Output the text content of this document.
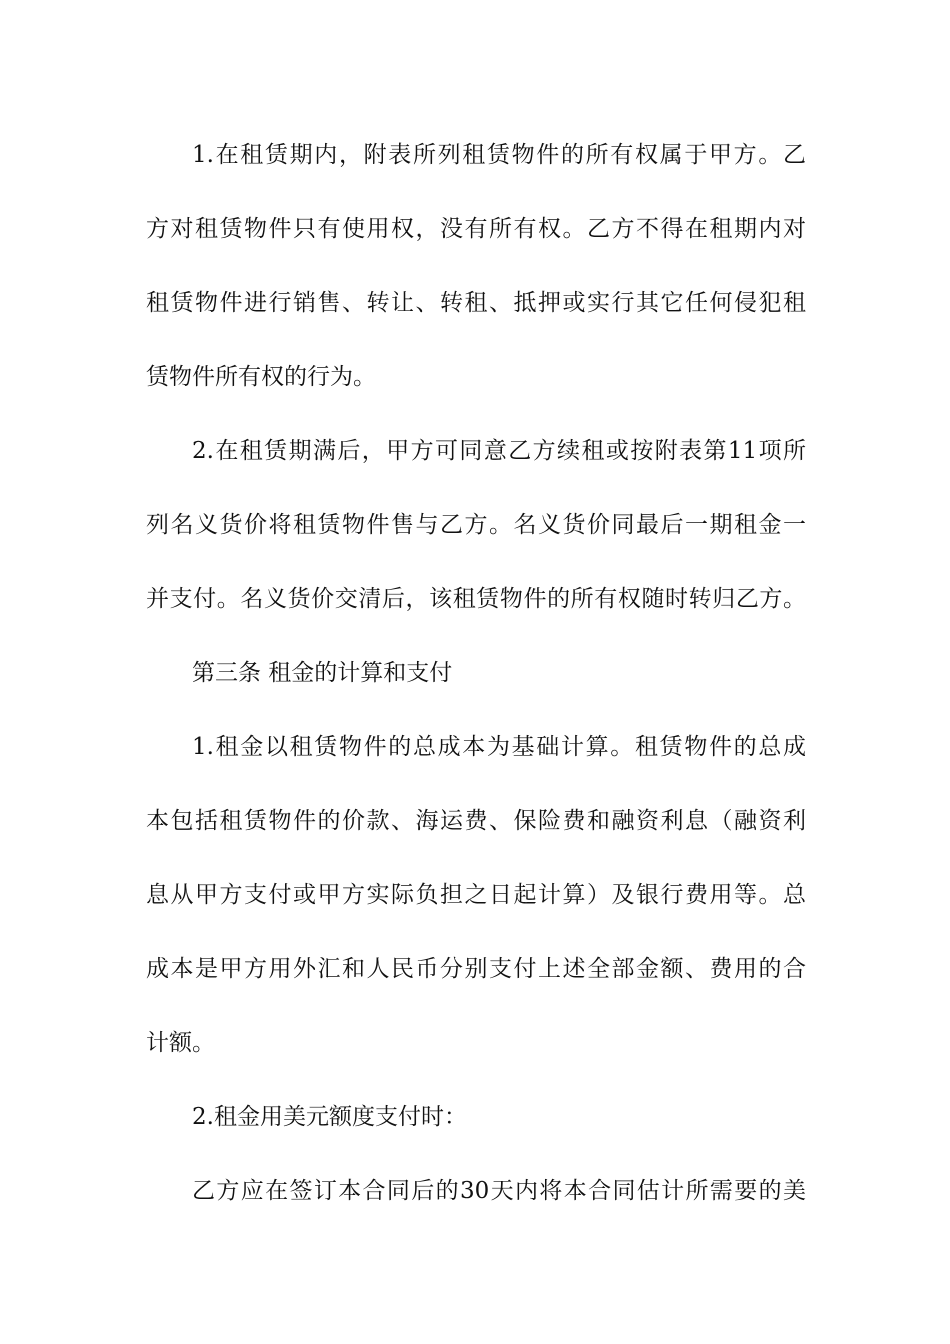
1.在租赁期内，附表所列租赁物件的所有权属于甲方。乙
方对租赁物件只有使用权，没有所有权。乙方不得在租期内对
租赁物件进行销售、转让、转租、抵押或实行其它任何侵犯租
赁物件所有权的行为。
2.在租赁期满后，甲方可同意乙方续租或按附表第11项所
列名义货价将租赁物件售与乙方。名义货价同最后一期租金一
并支付。名义货价交清后，该租赁物件的所有权随时转归乙方。
第三条 租金的计算和支付
1.租金以租赁物件的总成本为基础计算。租赁物件的总成
本包括租赁物件的价款、海运费、保险费和融资利息（融资利
息从甲方支付或甲方实际负担之日起计算）及银行费用等。总
成本是甲方用外汇和人民币分别支付上述全部金额、费用的合
计额。
2.租金用美元额度支付时：
乙方应在签订本合同后的30天内将本合同估计所需要的美
